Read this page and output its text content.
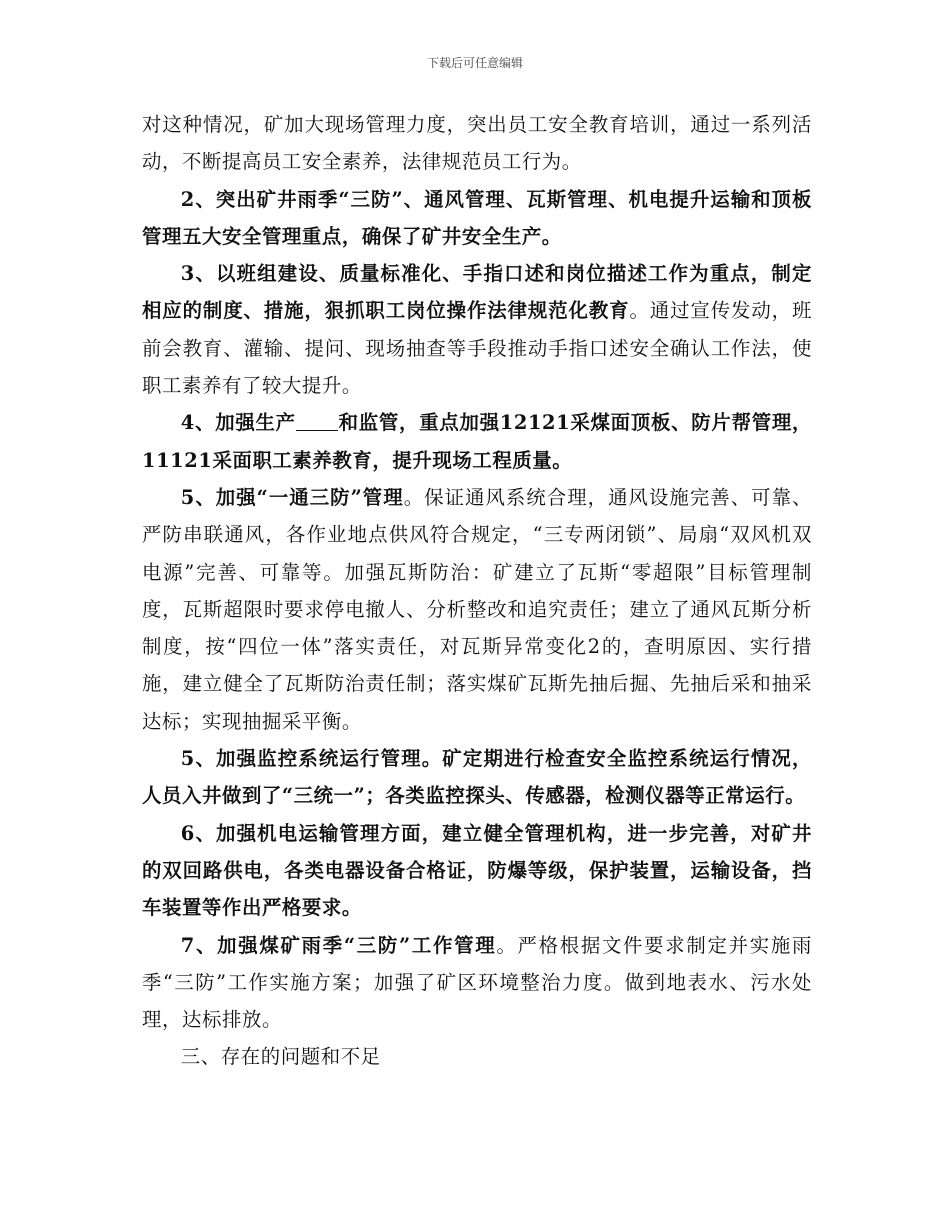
下载后可任意编辑

对这种情况，矿加大现场管理力度，突出员工安全教育培训，通过一系列活动，不断提高员工安全素养，法律规范员工行为。

2、突出矿井雨季“三防”、通风管理、瓦斯管理、机电提升运输和顶板管理五大安全管理重点，确保了矿井安全生产。

3、以班组建设、质量标准化、手指口述和岗位描述工作为重点，制定相应的制度、措施，狠抓职工岗位操作法律规范化教育。通过宣传发动，班前会教育、灌输、提问、现场抽查等手段推动手指口述安全确认工作法，使职工素养有了较大提升。

4、加强生产 和监管，重点加强12121采煤面顶板、防片帮管理，11121采面职工素养教育，提升现场工程质量。

5、加强“一通三防”管理。保证通风系统合理，通风设施完善、可靠、严防串联通风，各作业地点供风符合规定，“三专两闭锁”、局扇“双风机双电源”完善、可靠等。加强瓦斯防治：矿建立了瓦斯“零超限”目标管理制度，瓦斯超限时要求停电撤人、分析整改和追究责任；建立了通风瓦斯分析制度，按“四位一体”落实责任，对瓦斯异常变化2的，查明原因、实行措施，建立健全了瓦斯防治责任制；落实煤矿瓦斯先抽后掘、先抽后采和抽采达标；实现抽掘采平衡。

5、加强监控系统运行管理。矿定期进行检查安全监控系统运行情况，人员入井做到了“三统一”；各类监控探头、传感器，检测仪器等正常运行。

6、加强机电运输管理方面，建立健全管理机构，进一步完善，对矿井的双回路供电，各类电器设备合格证，防爆等级，保护装置，运输设备，挡车装置等作出严格要求。

7、加强煤矿雨季“三防”工作管理。严格根据文件要求制定并实施雨季“三防”工作实施方案；加强了矿区环境整治力度。做到地表水、污水处理，达标排放。

三、存在的问题和不足
